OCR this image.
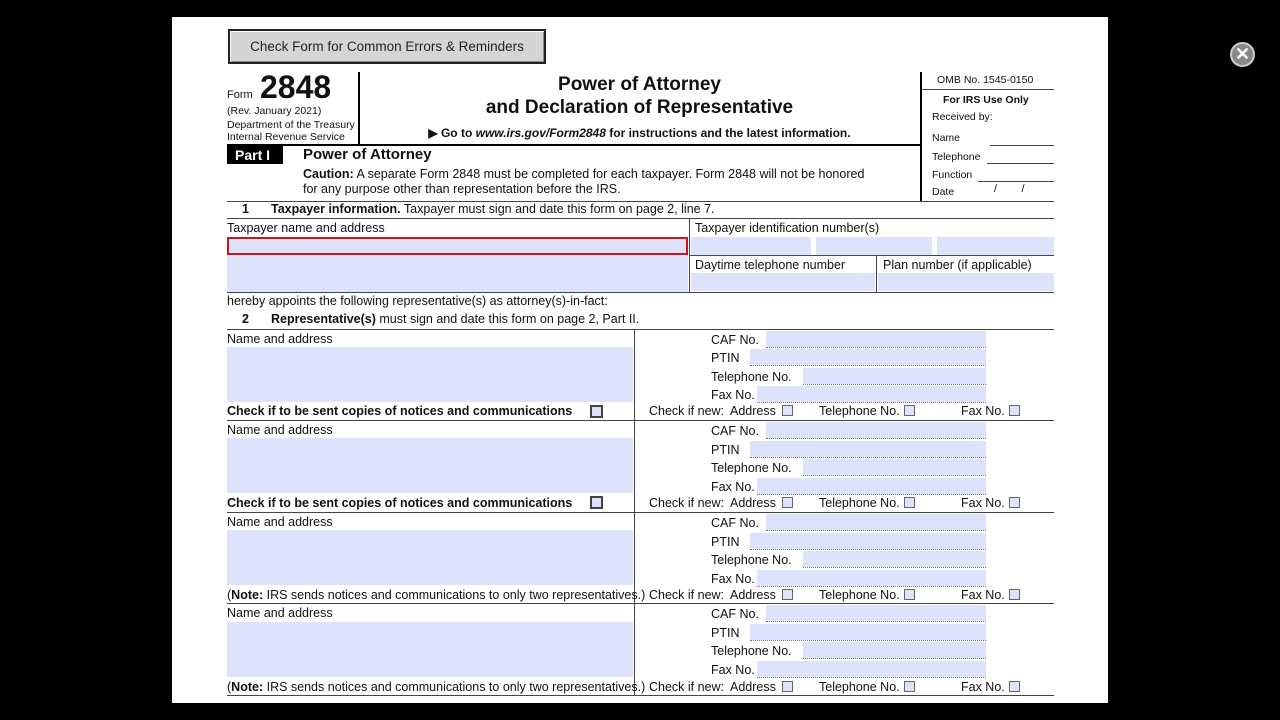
Check Form for Common Errors & Reminders
Form 2848
(Rev. January 2021)
Department of the Treasury
Internal Revenue Service
Power of Attorney
and Declaration of Representative
▶ Go to www.irs.gov/Form2848 for instructions and the latest information.
OMB No. 1545-0150
For IRS Use Only
Received by:
Name
Telephone
Function
Date	/        /
Part I	Power of Attorney
Caution: A separate Form 2848 must be completed for each taxpayer. Form 2848 will not be honored
for any purpose other than representation before the IRS.
1 Taxpayer information. Taxpayer must sign and date this form on page 2, line 7.
Taxpayer name and address	Taxpayer identification number(s)
Daytime telephone number	Plan number (if applicable)
hereby appoints the following representative(s) as attorney(s)-in-fact:
2 Representative(s) must sign and date this form on page 2, Part II.
Name and address	CAF No.
PTIN
Telephone No.
Fax No.
Check if to be sent copies of notices and communications	Check if new: Address	Telephone No.	Fax No.
Name and address	CAF No.
PTIN
Telephone No.
Fax No.
Check if to be sent copies of notices and communications	Check if new: Address	Telephone No.	Fax No.
Name and address	CAF No.
PTIN
Telephone No.
Fax No.
(Note: IRS sends notices and communications to only two representatives.) Check if new: Address	Telephone No.	Fax No.
Name and address	CAF No.
PTIN
Telephone No.
Fax No.
(Note: IRS sends notices and communications to only two representatives.) Check if new: Address	Telephone No.	Fax No.
✕
